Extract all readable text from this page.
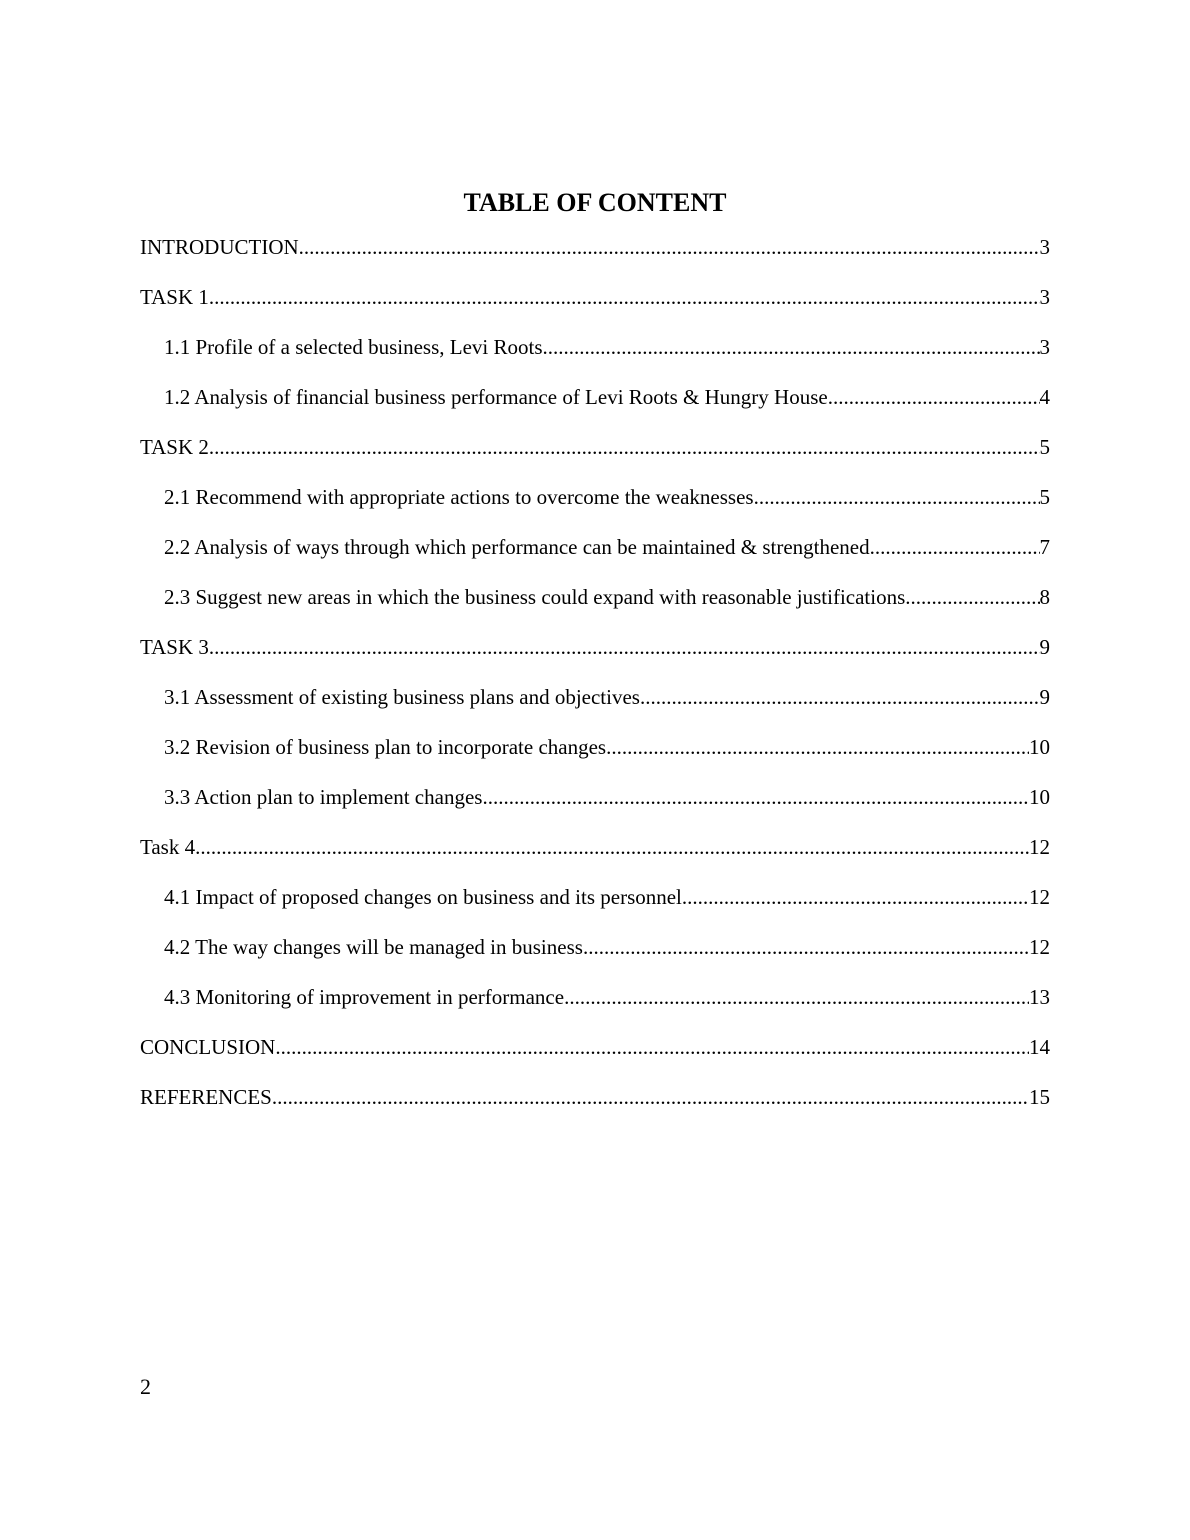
TABLE OF CONTENT
INTRODUCTION .....	3
TASK 1 .....	3
1.1 Profile of a selected business, Levi Roots .....	3
1.2 Analysis of financial business performance of Levi Roots & Hungry House .....	4
TASK 2 .....	5
2.1 Recommend with appropriate actions to overcome the weaknesses .....	5
2.2 Analysis of ways through which performance can be maintained & strengthened .....	7
2.3 Suggest new areas in which the business could expand with reasonable justifications .....	8
TASK 3 .....	9
3.1 Assessment of existing business plans and objectives .....	9
3.2 Revision of business plan to incorporate changes .....	10
3.3 Action plan to implement changes .....	10
Task 4 .....	12
4.1 Impact of proposed changes on business and its personnel .....	12
4.2 The way changes will be managed in business .....	12
4.3 Monitoring of improvement in performance .....	13
CONCLUSION .....	14
REFERENCES .....	15
2
